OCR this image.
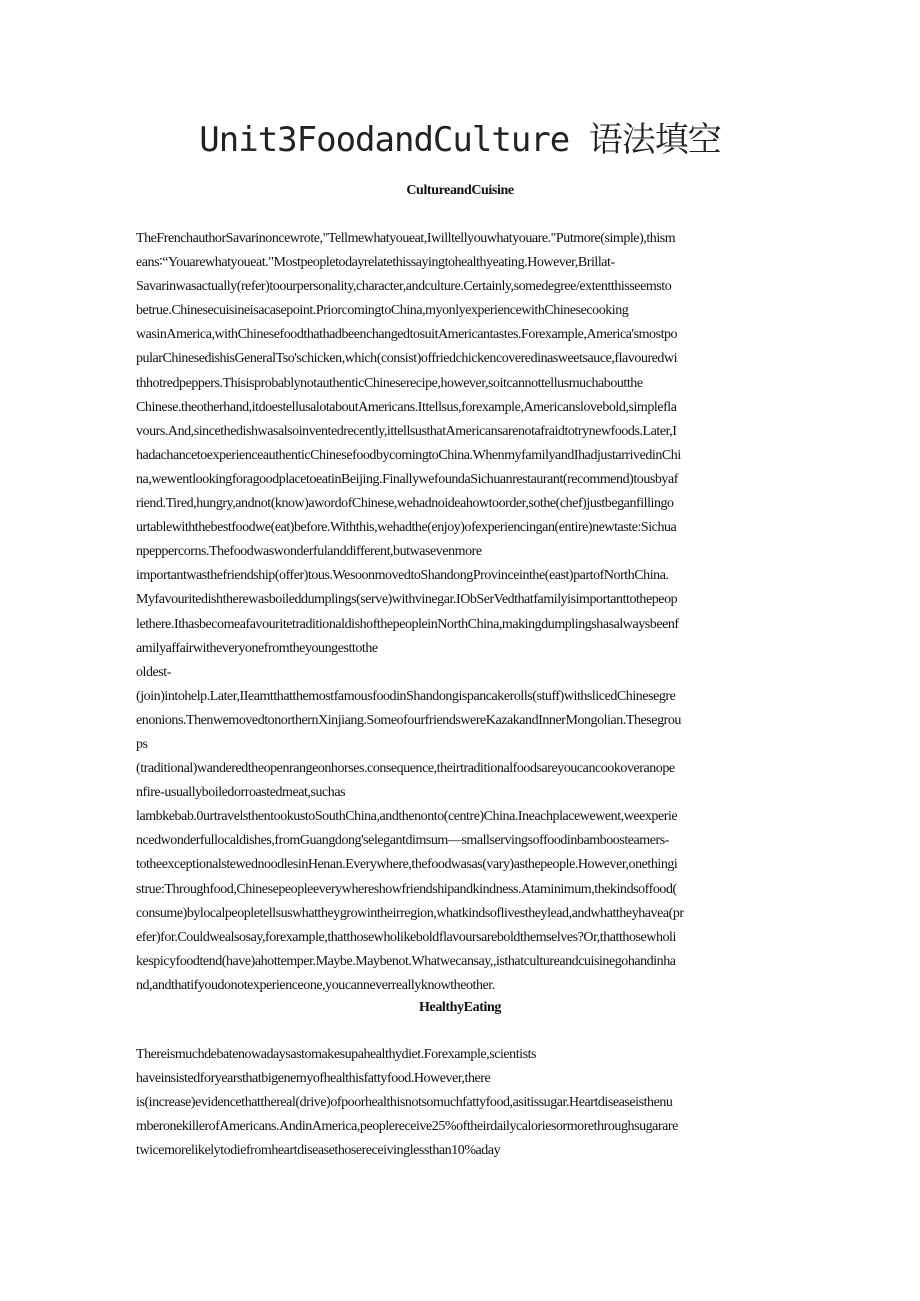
Unit3FoodandCulture 语法填空
CultureandCuisine
TheFrenchauthorSavarinoncewrote,"Tellmewhatyoueat,Iwilltellyouwhatyouare."Putmore(simple),thism
eans∶“Youarewhatyoueat."Mostpeopletodayrelatethissayingtohealthyeating.However,Brillat-
Savarinwasactually(refer)toourpersonality,character,andculture.Certainly,somedegree/extentthisseemsto
betrue.Chinesecuisineisacasepoint.PriorcomingtoChina,myonlyexperiencewithChinesecooking
wasinAmerica,withChinesefoodthathadbeenchangedtosuitAmericantastes.Forexample,America'smostpo
pularChinesedishisGeneralTso'schicken,which(consist)offriedchickencoveredinasweetsauce,flavouredwi
thhotredpeppers.ThisisprobablynotauthenticChineserecipe,however,soitcannottellusmuchaboutthe
Chinese.theotherhand,itdoestellusalotaboutAmericans.Ittellsus,forexample,Americanslovebold,simplefla
vours.And,sincethedishwasalsoinventedrecently,ittellsusthatAmericansarenotafraidtotrynewfoods.Later,I
hadachancetoexperienceauthenticChinesefoodbycomingtoChina.WhenmyfamilyandIhadjustarrivedinChi
na,wewentlookingforagoodplacetoeatinBeijing.FinallywefoundaSichuanrestaurant(recommend)tousbyaf
riend.Tired,hungry,andnot(know)awordofChinese,wehadnoideahowtoorder,sothe(chef)justbeganfillingo
urtablewiththebestfoodwe(eat)before.Withthis,wehadthe(enjoy)ofexperiencingan(entire)newtaste:Sichua
npeppercorns.Thefoodwaswonderfulanddifferent,butwasevenmore
importantwasthefriendship(offer)tous.WesoonmovedtoShandongProvinceinthe(east)partofNorthChina.
Myfavouritedishtherewasboileddumplings(serve)withvinegar.IObSerVedthatfamilyisimportanttothepeop
lethere.IthasbecomeafavouritetraditionaldishofthepeopleinNorthChina,makingdumplingshasalwaysbeenf
amilyaffairwitheveryonefromtheyoungesttothe
oldest-
(join)intohelp.Later,IIeamtthatthemostfamousfoodinShandongispancakerolls(stuff)withslicedChinesegre
enonions.ThenwemovedtonorthernXinjiang.SomeofourfriendswereKazakandInnerMongolian.Thesegrou
ps
(traditional)wanderedtheopenrangeonhorses.consequence,theirtraditionalfoodsareyoucancookoveranope
nfire-usuallyboiledorroastedmeat,suchas
lambkebab.0urtravelsthentookustoSouthChina,andthenonto(centre)China.Ineachplacewewent,weexperie
ncedwonderfullocaldishes,fromGuangdong'selegantdimsum—smallservingsoffoodinbamboosteamers-
totheexceptionalstewednoodlesinHenan.Everywhere,thefoodwasas(vary)asthepeople.However,onethingi
strue:Throughfood,Chinesepeopleeverywhereshowfriendshipandkindness.Ataminimum,thekindsoffood(
consume)bylocalpeopletellsuswhattheygrowintheirregion,whatkindsoflivestheylead,andwhattheyhavea(pr
efer)for.Couldwealsosay,forexample,thatthosewholikeboldflavoursareboldthemselves?Or,thatthosewholi
kespicyfoodtend(have)ahottemper.Maybe.Maybenot.Whatwecansay,,isthatcultureandcuisinegohandinha
nd,andthatifyoudonotexperienceone,youcanneverreallyknowtheother.
HealthyEating
Thereismuchdebatenowadaysastomakesupahealthydiet.Forexample,scientists
haveinsistedforyearsthatbigenemyofhealthisfattyfood.However,there
is(increase)evidencethatthereal(drive)ofpoorhealthisnotsomuchfattyfood,asitissugar.Heartdiseaseisthenu
mberonekillerofAmericans.AndinAmerica,peoplereceive25%oftheirdailycaloriesormorethroughsugarare
twicemorelikelytodiefromheartdiseasethosereceivinglessthan10%aday
